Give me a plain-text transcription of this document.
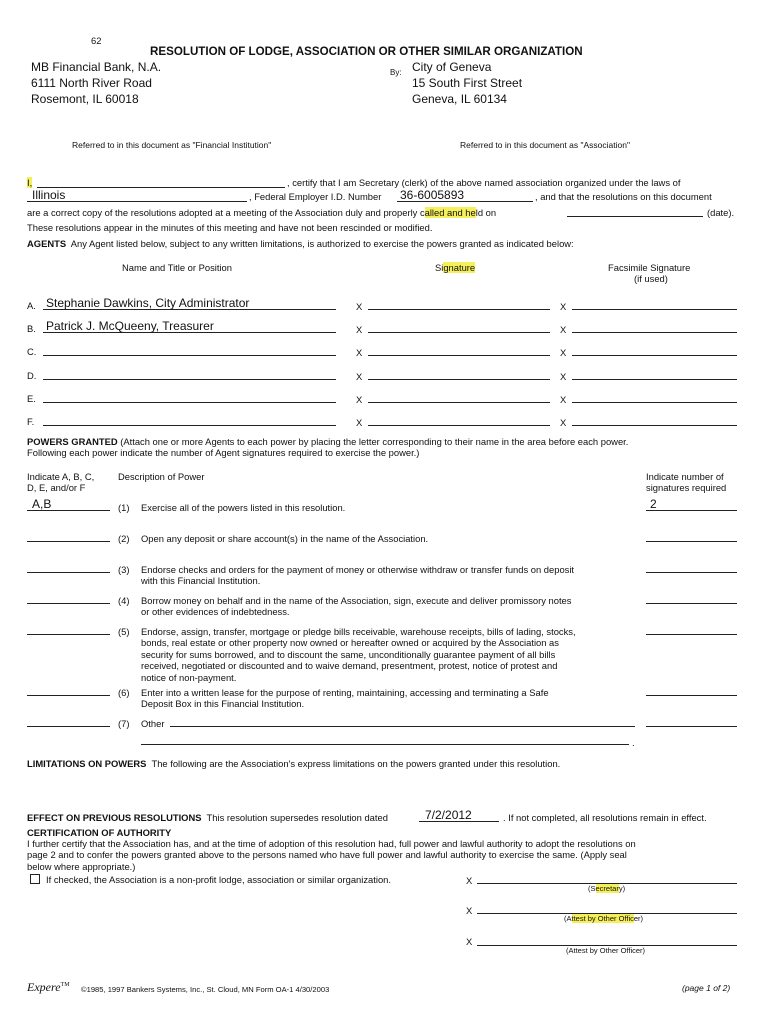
62
RESOLUTION OF LODGE, ASSOCIATION OR OTHER SIMILAR ORGANIZATION
MB Financial Bank, N.A.
6111 North River Road
Rosemont, IL 60018
By: City of Geneva
15 South First Street
Geneva, IL 60134
Referred to in this document as "Financial Institution"	Referred to in this document as "Association"
I,	, certify that I am Secretary (clerk) of the above named association organized under the laws of
Illinois	, Federal Employer I.D. Number 36-6005893	, and that the resolutions on this document
are a correct copy of the resolutions adopted at a meeting of the Association duly and properly called and held on	(date).
These resolutions appear in the minutes of this meeting and have not been rescinded or modified.
AGENTS Any Agent listed below, subject to any written limitations, is authorized to exercise the powers granted as indicated below:
Name and Title or Position	Signature	Facsimile Signature
(if used)
A. Stephanie Dawkins, City Administrator	X	X
B. Patrick J. McQueeny, Treasurer	X	X
C.	X	X
D.	X	X
E.	X	X
F.	X	X
POWERS GRANTED (Attach one or more Agents to each power by placing the letter corresponding to their name in the area before each power.
Following each power indicate the number of Agent signatures required to exercise the power.)
Indicate A, B, C,
D, E, and/or F
Description of Power	Indicate number of
signatures required
A,B	(1) Exercise all of the powers listed in this resolution.	2
(2) Open any deposit or share account(s) in the name of the Association.
(3) Endorse checks and orders for the payment of money or otherwise withdraw or transfer funds on deposit
with this Financial Institution.
(4) Borrow money on behalf and in the name of the Association, sign, execute and deliver promissory notes
or other evidences of indebtedness.
(5) Endorse, assign, transfer, mortgage or pledge bills receivable, warehouse receipts, bills of lading, stocks,
bonds, real estate or other property now owned or hereafter owned or acquired by the Association as
security for sums borrowed, and to discount the same, unconditionally guarantee payment of all bills
received, negotiated or discounted and to waive demand, presentment, protest, notice of protest and
notice of non-payment.
(6) Enter into a written lease for the purpose of renting, maintaining, accessing and terminating a Safe
Deposit Box in this Financial Institution.
(7) Other
.
LIMITATIONS ON POWERS The following are the Association's express limitations on the powers granted under this resolution.
EFFECT ON PREVIOUS RESOLUTIONS This resolution supersedes resolution dated	7/2/2012	. If not completed, all resolutions remain in effect.
CERTIFICATION OF AUTHORITY
I further certify that the Association has, and at the time of adoption of this resolution had, full power and lawful authority to adopt the resolutions on
page 2 and to confer the powers granted above to the persons named who have full power and lawful authority to exercise the same. (Apply seal
below where appropriate.)
If checked, the Association is a non-profit lodge, association or similar organization.	X
(Secretary)
X
(Attest by Other Officer)
X
(Attest by Other Officer)
Expere™ ©1985, 1997 Bankers Systems, Inc., St. Cloud, MN Form OA-1 4/30/2003	(page 1 of 2)
